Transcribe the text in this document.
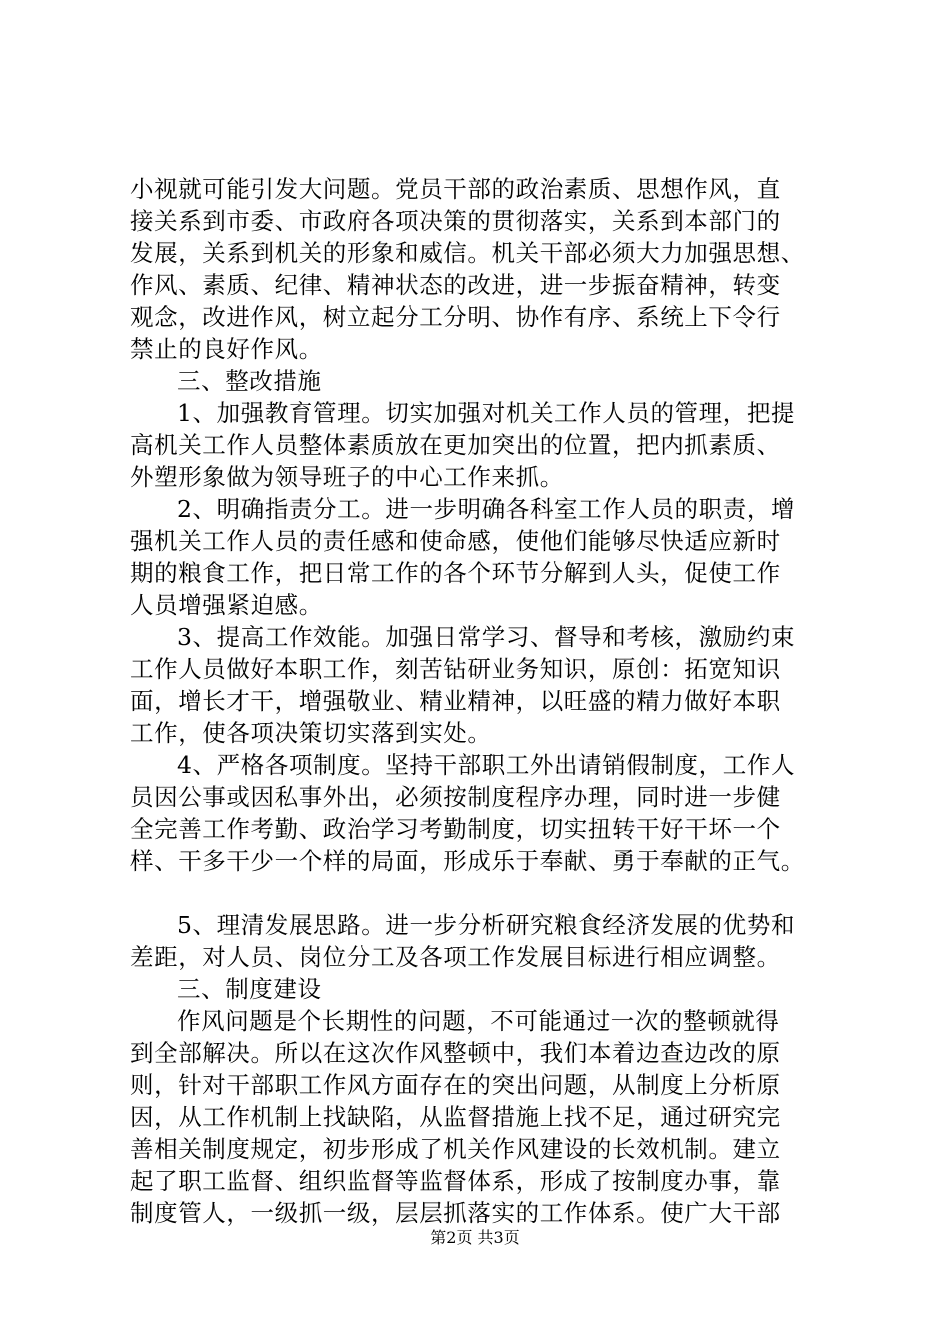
小视就可能引发大问题。党员干部的政治素质、思想作风，直
接关系到市委、市政府各项决策的贯彻落实，关系到本部门的
发展，关系到机关的形象和威信。机关干部必须大力加强思想、
作风、素质、纪律、精神状态的改进，进一步振奋精神，转变
观念，改进作风，树立起分工分明、协作有序、系统上下令行
禁止的良好作风。
三、整改措施
1、加强教育管理。切实加强对机关工作人员的管理，把提
高机关工作人员整体素质放在更加突出的位置，把内抓素质、
外塑形象做为领导班子的中心工作来抓。
2、明确指责分工。进一步明确各科室工作人员的职责，增
强机关工作人员的责任感和使命感，使他们能够尽快适应新时
期的粮食工作，把日常工作的各个环节分解到人头，促使工作
人员增强紧迫感。
3、提高工作效能。加强日常学习、督导和考核，激励约束
工作人员做好本职工作，刻苦钻研业务知识，原创：拓宽知识
面，增长才干，增强敬业、精业精神，以旺盛的精力做好本职
工作，使各项决策切实落到实处。
4、严格各项制度。坚持干部职工外出请销假制度，工作人
员因公事或因私事外出，必须按制度程序办理，同时进一步健
全完善工作考勤、政治学习考勤制度，切实扭转干好干坏一个
样、干多干少一个样的局面，形成乐于奉献、勇于奉献的正气。
5、理清发展思路。进一步分析研究粮食经济发展的优势和
差距，对人员、岗位分工及各项工作发展目标进行相应调整。
三、制度建设
作风问题是个长期性的问题，不可能通过一次的整顿就得
到全部解决。所以在这次作风整顿中，我们本着边查边改的原
则，针对干部职工作风方面存在的突出问题，从制度上分析原
因，从工作机制上找缺陷，从监督措施上找不足，通过研究完
善相关制度规定，初步形成了机关作风建设的长效机制。建立
起了职工监督、组织监督等监督体系，形成了按制度办事，靠
制度管人，一级抓一级，层层抓落实的工作体系。使广大干部
第2页 共3页
